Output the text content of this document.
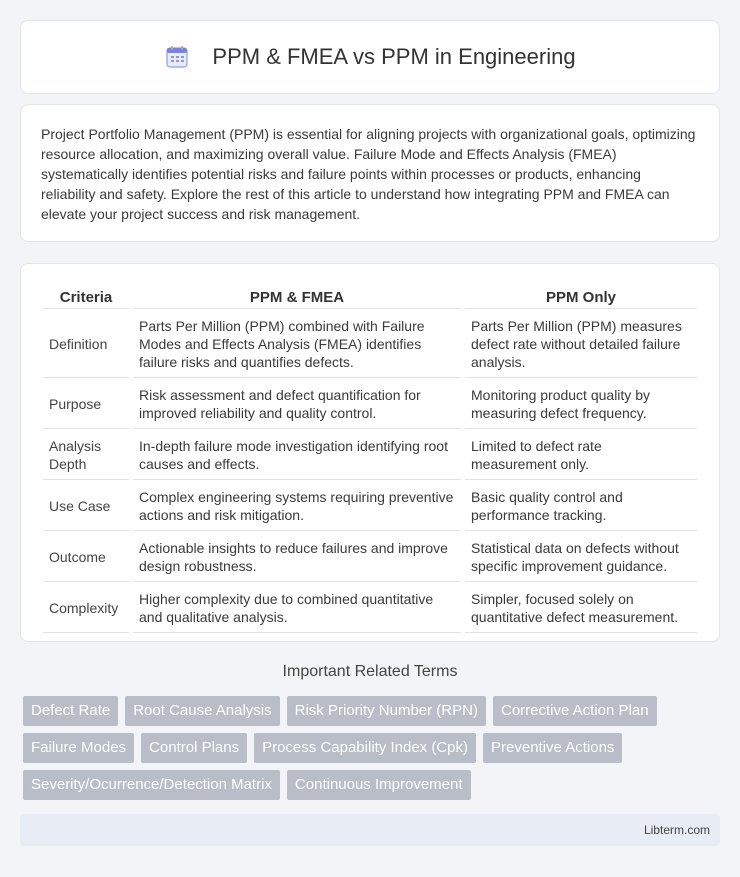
PPM & FMEA vs PPM in Engineering

Project Portfolio Management (PPM) is essential for aligning projects with organizational goals, optimizing resource allocation, and maximizing overall value. Failure Mode and Effects Analysis (FMEA) systematically identifies potential risks and failure points within processes or products, enhancing reliability and safety. Explore the rest of this article to understand how integrating PPM and FMEA can elevate your project success and risk management.

Criteria	PPM & FMEA	PPM Only
Definition	Parts Per Million (PPM) combined with Failure Modes and Effects Analysis (FMEA) identifies failure risks and quantifies defects.	Parts Per Million (PPM) measures defect rate without detailed failure analysis.
Purpose	Risk assessment and defect quantification for improved reliability and quality control.	Monitoring product quality by measuring defect frequency.
Analysis Depth	In-depth failure mode investigation identifying root causes and effects.	Limited to defect rate measurement only.
Use Case	Complex engineering systems requiring preventive actions and risk mitigation.	Basic quality control and performance tracking.
Outcome	Actionable insights to reduce failures and improve design robustness.	Statistical data on defects without specific improvement guidance.
Complexity	Higher complexity due to combined quantitative and qualitative analysis.	Simpler, focused solely on quantitative defect measurement.
Important Related Terms
Defect Rate	Root Cause Analysis	Risk Priority Number (RPN)	Corrective Action Plan
Failure Modes	Control Plans	Process Capability Index (Cpk)	Preventive Actions
Severity/Ocurrence/Detection Matrix	Continuous Improvement
Libterm.com
